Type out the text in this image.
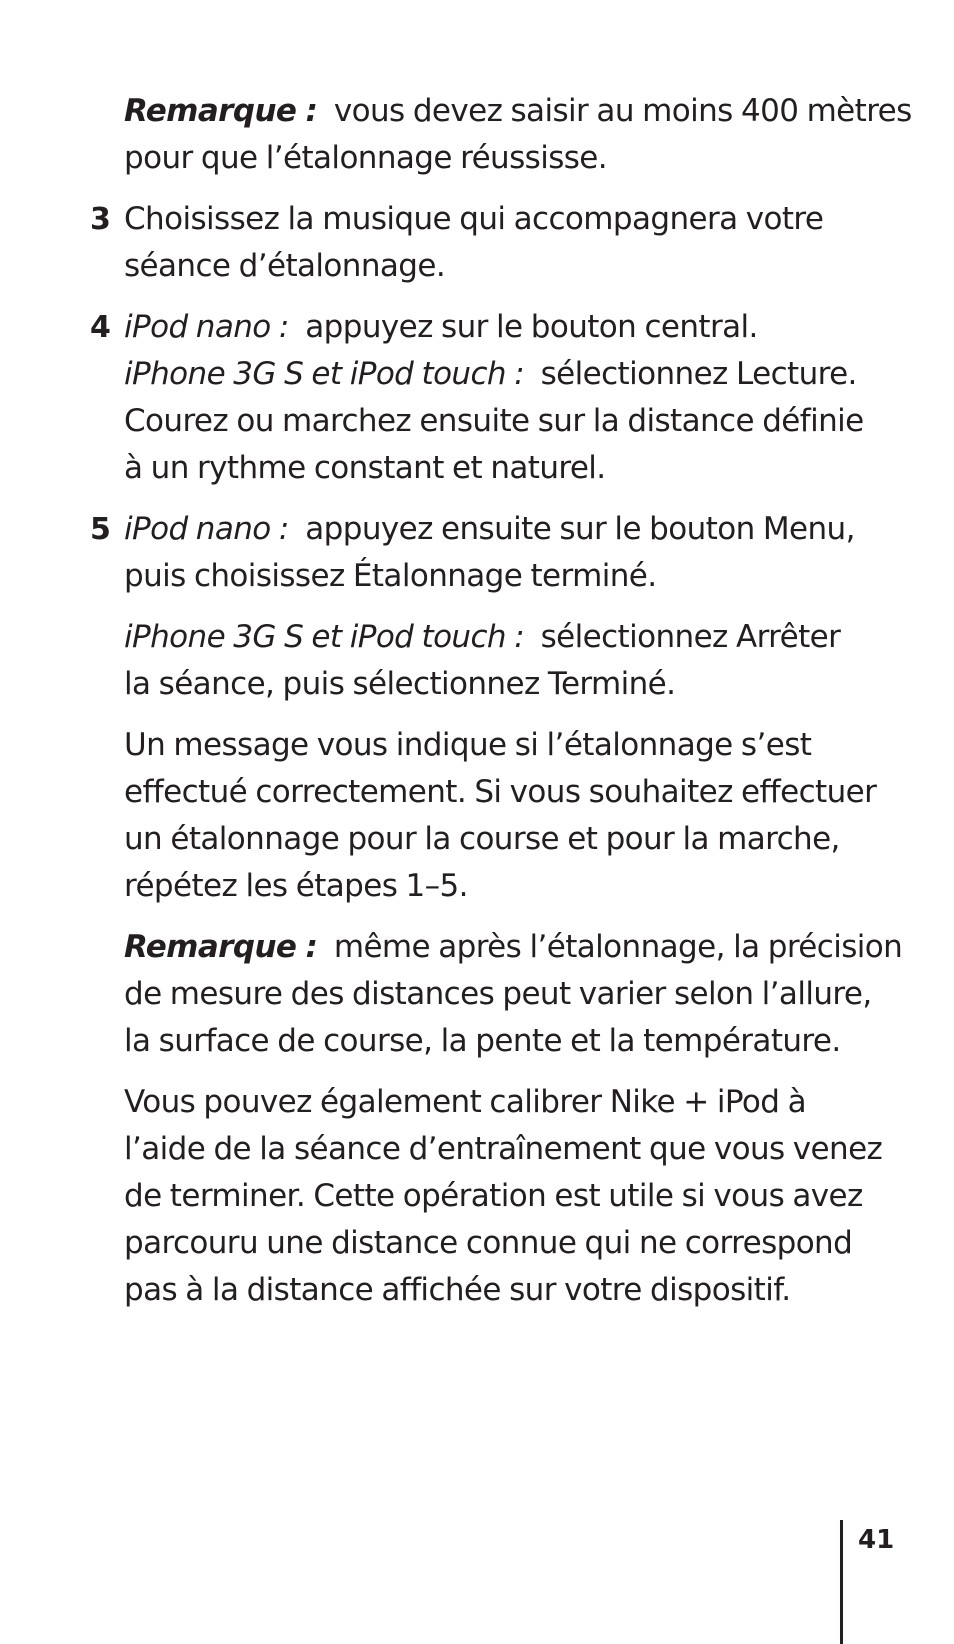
Remarque :  vous devez saisir au moins 400 mètres
pour que l’étalonnage réussisse.
3 Choisissez la musique qui accompagnera votre
séance d’étalonnage.
4 iPod nano :  appuyez sur le bouton central.
iPhone 3G S et iPod touch :  sélectionnez Lecture.
Courez ou marchez ensuite sur la distance définie
à un rythme constant et naturel.
5 iPod nano :  appuyez ensuite sur le bouton Menu,
puis choisissez Étalonnage terminé.
iPhone 3G S et iPod touch :  sélectionnez Arrêter
la séance, puis sélectionnez Terminé.
Un message vous indique si l’étalonnage s’est
effectué correctement. Si vous souhaitez effectuer
un étalonnage pour la course et pour la marche,
répétez les étapes 1–5.
Remarque :  même après l’étalonnage, la précision
de mesure des distances peut varier selon l’allure,
la surface de course, la pente et la température.
Vous pouvez également calibrer Nike + iPod à
l’aide de la séance d’entraînement que vous venez
de terminer. Cette opération est utile si vous avez
parcouru une distance connue qui ne correspond
pas à la distance affichée sur votre dispositif.
41
